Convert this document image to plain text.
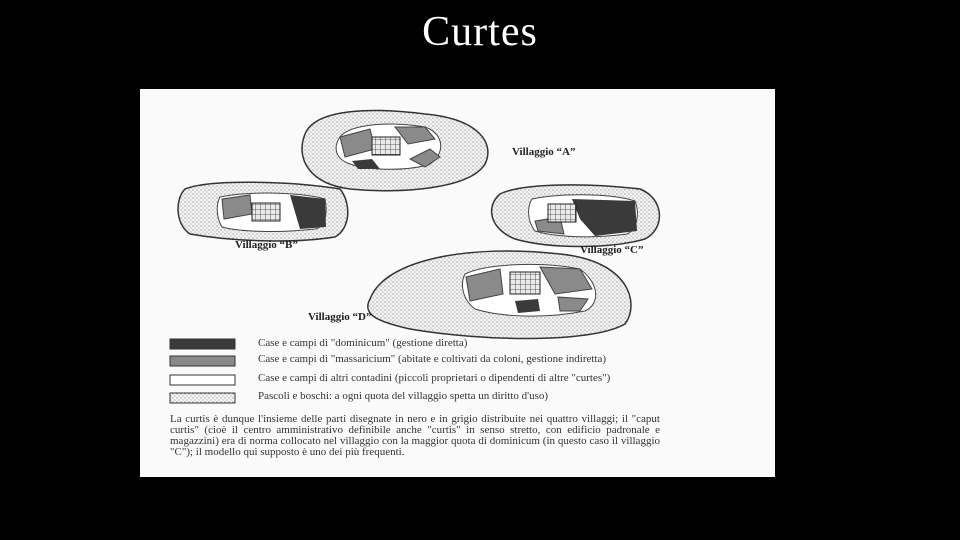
Curtes
Villaggio “A”
Villaggio “B”	Villaggio “C”
Villaggio “D”
Case e campi di "dominicum" (gestione diretta)
Case e campi di "massaricium" (abitate e coltivati da coloni, gestione indiretta)
Case e campi di altri contadini (piccoli proprietari o dipendenti di altre "curtes")
Pascoli e boschi: a ogni quota del villaggio spetta un diritto d'uso)
La curtis è dunque l'insieme delle parti disegnate in nero e in grigio distribuite nei quattro villaggi; il "caput curtis" (cioè il centro amministrativo definibile anche "curtis" in senso stretto, con edificio padronale e magazzini) era di norma collocato nel villaggio con la maggior quota di dominicum (in questo caso il villaggio "C"); il modello qui supposto è uno dei più frequenti.
